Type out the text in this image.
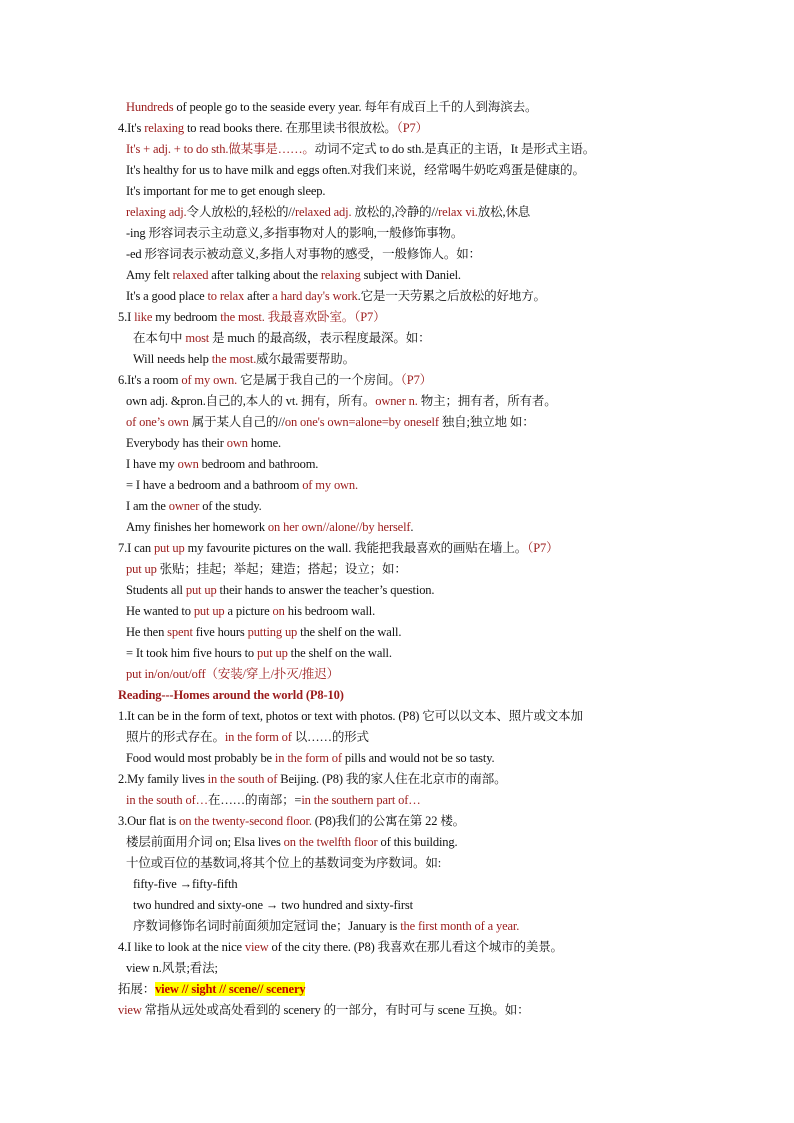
Hundreds of people go to the seaside every year. 每年有成百上千的人到海滨去。
4.It's relaxing to read books there. 在那里读书很放松。（P7）
It's + adj. + to do sth.做某事是……。动词不定式 to do sth.是真正的主语，It 是形式主语。
It's healthy for us to have milk and eggs often.对我们来说，经常喝牛奶吃鸡蛋是健康的。
It's important for me to get enough sleep.
relaxing adj.令人放松的,轻松的//relaxed adj. 放松的,冷静的//relax vi.放松,休息
-ing 形容词表示主动意义,多指事物对人的影响,一般修饰事物。
-ed 形容词表示被动意义,多指人对事物的感受，一般修饰人。如：
Amy felt relaxed after talking about the relaxing subject with Daniel.
It's a good place to relax after a hard day's work.它是一天劳累之后放松的好地方。
5.I like my bedroom the most. 我最喜欢卧室。（P7）
在本句中 most 是 much 的最高级，表示程度最深。如：
Will needs help the most.威尔最需要帮助。
6.It's a room of my own. 它是属于我自己的一个房间。（P7）
own adj. &pron.自己的,本人的 vt. 拥有，所有。owner n. 物主；拥有者，所有者。
of one’s own 属于某人自己的//on one's own=alone=by oneself 独自;独立地 如：
Everybody has their own home.
I have my own bedroom and bathroom.
= I have a bedroom and a bathroom of my own.
I am the owner of the study.
Amy finishes her homework on her own//alone//by herself.
7.I can put up my favourite pictures on the wall. 我能把我最喜欢的画贴在墙上。（P7）
put up 张贴；挂起；举起；建造；搭起；设立；如：
Students all put up their hands to answer the teacher’s question.
He wanted to put up a picture on his bedroom wall.
He then spent five hours putting up the shelf on the wall.
= It took him five hours to put up the shelf on the wall.
put in/on/out/off（安装/穿上/扑灭/推迟）
Reading---Homes around the world (P8-10)
1.It can be in the form of text, photos or text with photos. (P8) 它可以以文本、照片或文本加
照片的形式存在。in the form of 以……的形式
Food would most probably be in the form of pills and would not be so tasty.
2.My family lives in the south of Beijing. (P8) 我的家人住在北京市的南部。
in the south of…在……的南部；=in the southern part of…
3.Our flat is on the twenty-second floor. (P8)我们的公寓在第 22 楼。
楼层前面用介词 on; Elsa lives on the twelfth floor of this building.
十位或百位的基数词,将其个位上的基数词变为序数词。如:
fifty-five →fifty-fifth
two hundred and sixty-one → two hundred and sixty-first
序数词修饰名词时前面须加定冠词 the；January is the first month of a year.
4.I like to look at the nice view of the city there. (P8) 我喜欢在那儿看这个城市的美景。
view n.风景;看法;
拓展：view // sight // scene// scenery
view 常指从远处或高处看到的 scenery 的一部分，有时可与 scene 互换。如：
